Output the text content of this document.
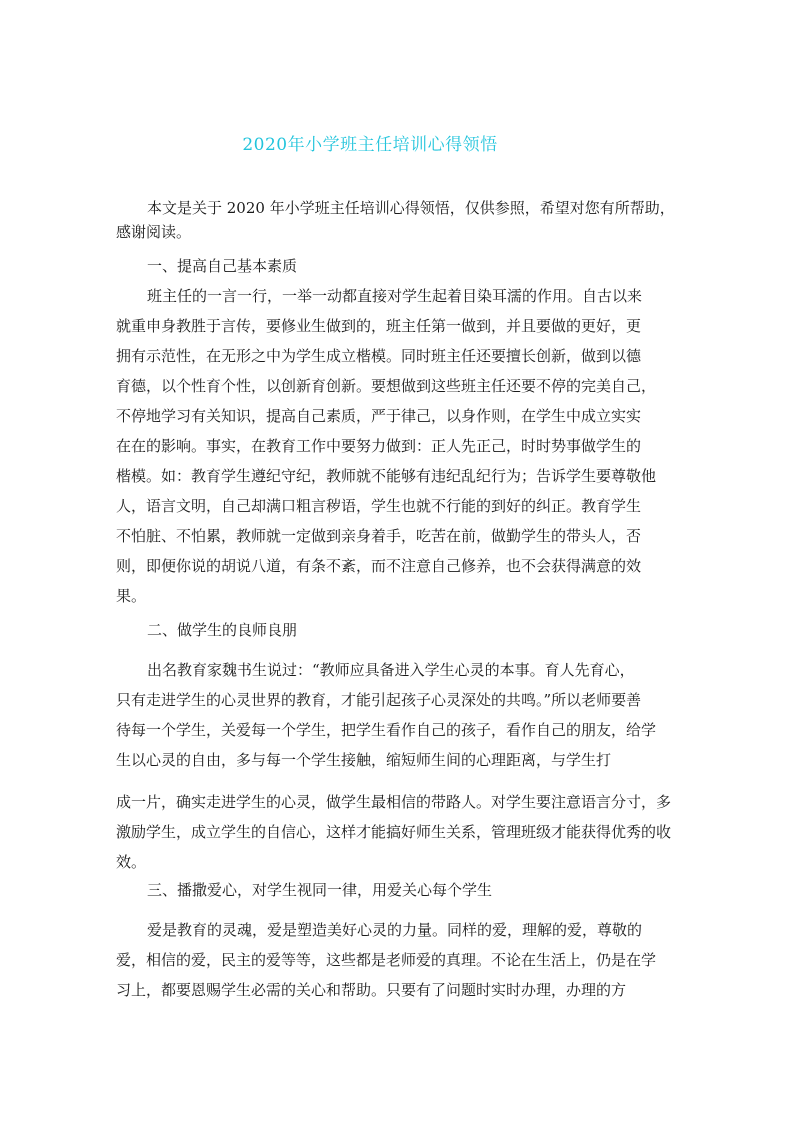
2020年小学班主任培训心得领悟
本文是关于 2020 年小学班主任培训心得领悟，仅供参照，希望对您有所帮助，
感谢阅读。
一、提高自己基本素质
班主任的一言一行，一举一动都直接对学生起着目染耳濡的作用。自古以来
就重申身教胜于言传，要修业生做到的，班主任第一做到，并且要做的更好，更
拥有示范性，在无形之中为学生成立楷模。同时班主任还要擅长创新，做到以德
育德，以个性育个性，以创新育创新。要想做到这些班主任还要不停的完美自己，
不停地学习有关知识，提高自己素质，严于律己，以身作则，在学生中成立实实
在在的影响。事实，在教育工作中要努力做到：正人先正己，时时势事做学生的
楷模。如：教育学生遵纪守纪，教师就不能够有违纪乱纪行为；告诉学生要尊敬他
人，语言文明，自己却满口粗言秽语，学生也就不行能的到好的纠正。教育学生
不怕脏、不怕累，教师就一定做到亲身着手，吃苦在前，做勤学生的带头人，否
则，即便你说的胡说八道，有条不紊，而不注意自己修养，也不会获得满意的效
果。
二、做学生的良师良朋
出名教育家魏书生说过：“教师应具备进入学生心灵的本事。育人先育心，
只有走进学生的心灵世界的教育，才能引起孩子心灵深处的共鸣。”所以老师要善
待每一个学生，关爱每一个学生，把学生看作自己的孩子，看作自己的朋友，给学
生以心灵的自由，多与每一个学生接触，缩短师生间的心理距离，与学生打
成一片，确实走进学生的心灵，做学生最相信的带路人。对学生要注意语言分寸，多
激励学生，成立学生的自信心，这样才能搞好师生关系，管理班级才能获得优秀的收
效。
三、播撒爱心，对学生视同一律，用爱关心每个学生
爱是教育的灵魂，爱是塑造美好心灵的力量。同样的爱，理解的爱，尊敬的
爱，相信的爱，民主的爱等等，这些都是老师爱的真理。不论在生活上，仍是在学
习上，都要恩赐学生必需的关心和帮助。只要有了问题时实时办理，办理的方
